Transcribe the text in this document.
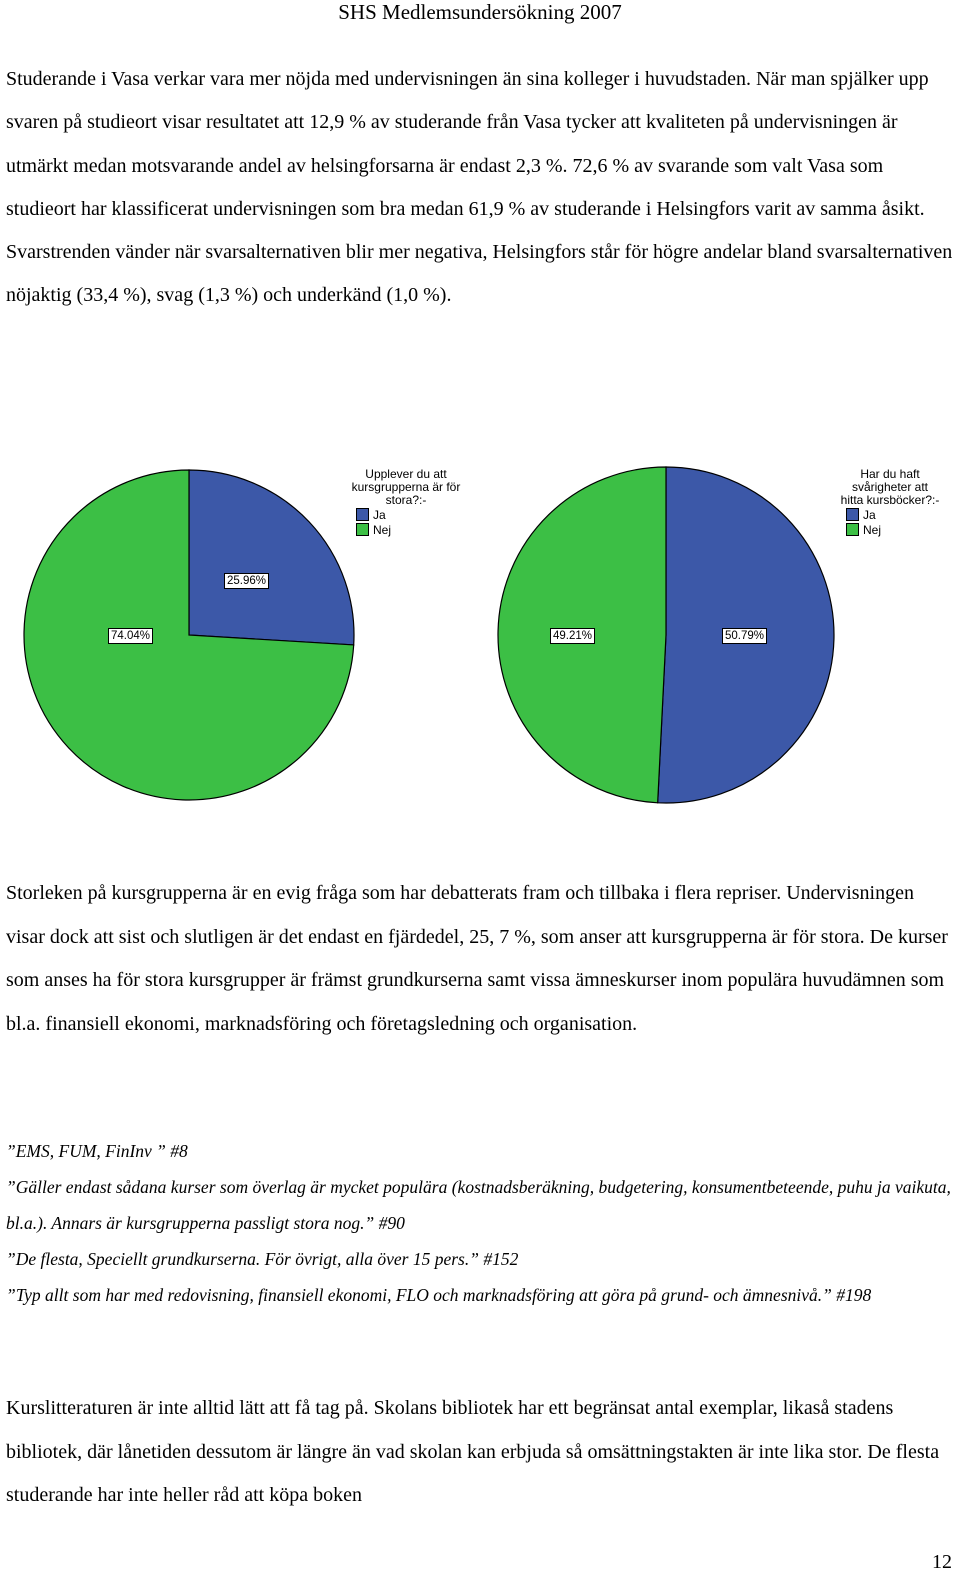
SHS Medlemsundersökning 2007

Studerande i Vasa verkar vara mer nöjda med undervisningen än sina kolleger i huvudstaden. När man spjälker upp svaren på studieort visar resultatet att 12,9 % av studerande från Vasa tycker att kvaliteten på undervisningen är utmärkt medan motsvarande andel av helsingforsarna är endast 2,3 %. 72,6 % av svarande som valt Vasa som studieort har klassificerat undervisningen som bra medan 61,9 % av studerande i Helsingfors varit av samma åsikt. Svarstrenden vänder när svarsalternativen blir mer negativa, Helsingfors står för högre andelar bland svarsalternativen nöjaktig (33,4 %), svag (1,3 %) och underkänd (1,0 %).

Upplever du att kursgrupperna är för stora?:-
Ja
Nej
25.96%
74.04%
Har du haft svårigheter att hitta kursböcker?:-
Ja
Nej
50.79%
49.21%

Storleken på kursgrupperna är en evig fråga som har debatterats fram och tillbaka i flera repriser. Undervisningen visar dock att sist och slutligen är det endast en fjärdedel, 25, 7 %, som anser att kursgrupperna är för stora. De kurser som anses ha för stora kursgrupper är främst grundkurserna samt vissa ämneskurser inom populära huvudämnen som bl.a. finansiell ekonomi, marknadsföring och företagsledning och organisation.

”EMS, FUM, FinInv ” #8

”Gäller endast sådana kurser som överlag är mycket populära (kostnadsberäkning, budgetering, konsumentbeteende, puhu ja vaikuta, bl.a.). Annars är kursgrupperna passligt stora nog.” #90

”De flesta, Speciellt grundkurserna. För övrigt, alla över 15 pers.” #152

”Typ allt som har med redovisning, finansiell ekonomi, FLO och marknadsföring att göra på grund- och ämnesnivå.” #198

Kurslitteraturen är inte alltid lätt att få tag på. Skolans bibliotek har ett begränsat antal exemplar, likaså stadens bibliotek, där lånetiden dessutom är längre än vad skolan kan erbjuda så omsättningstakten är inte lika stor. De flesta studerande har inte heller råd att köpa boken

12
